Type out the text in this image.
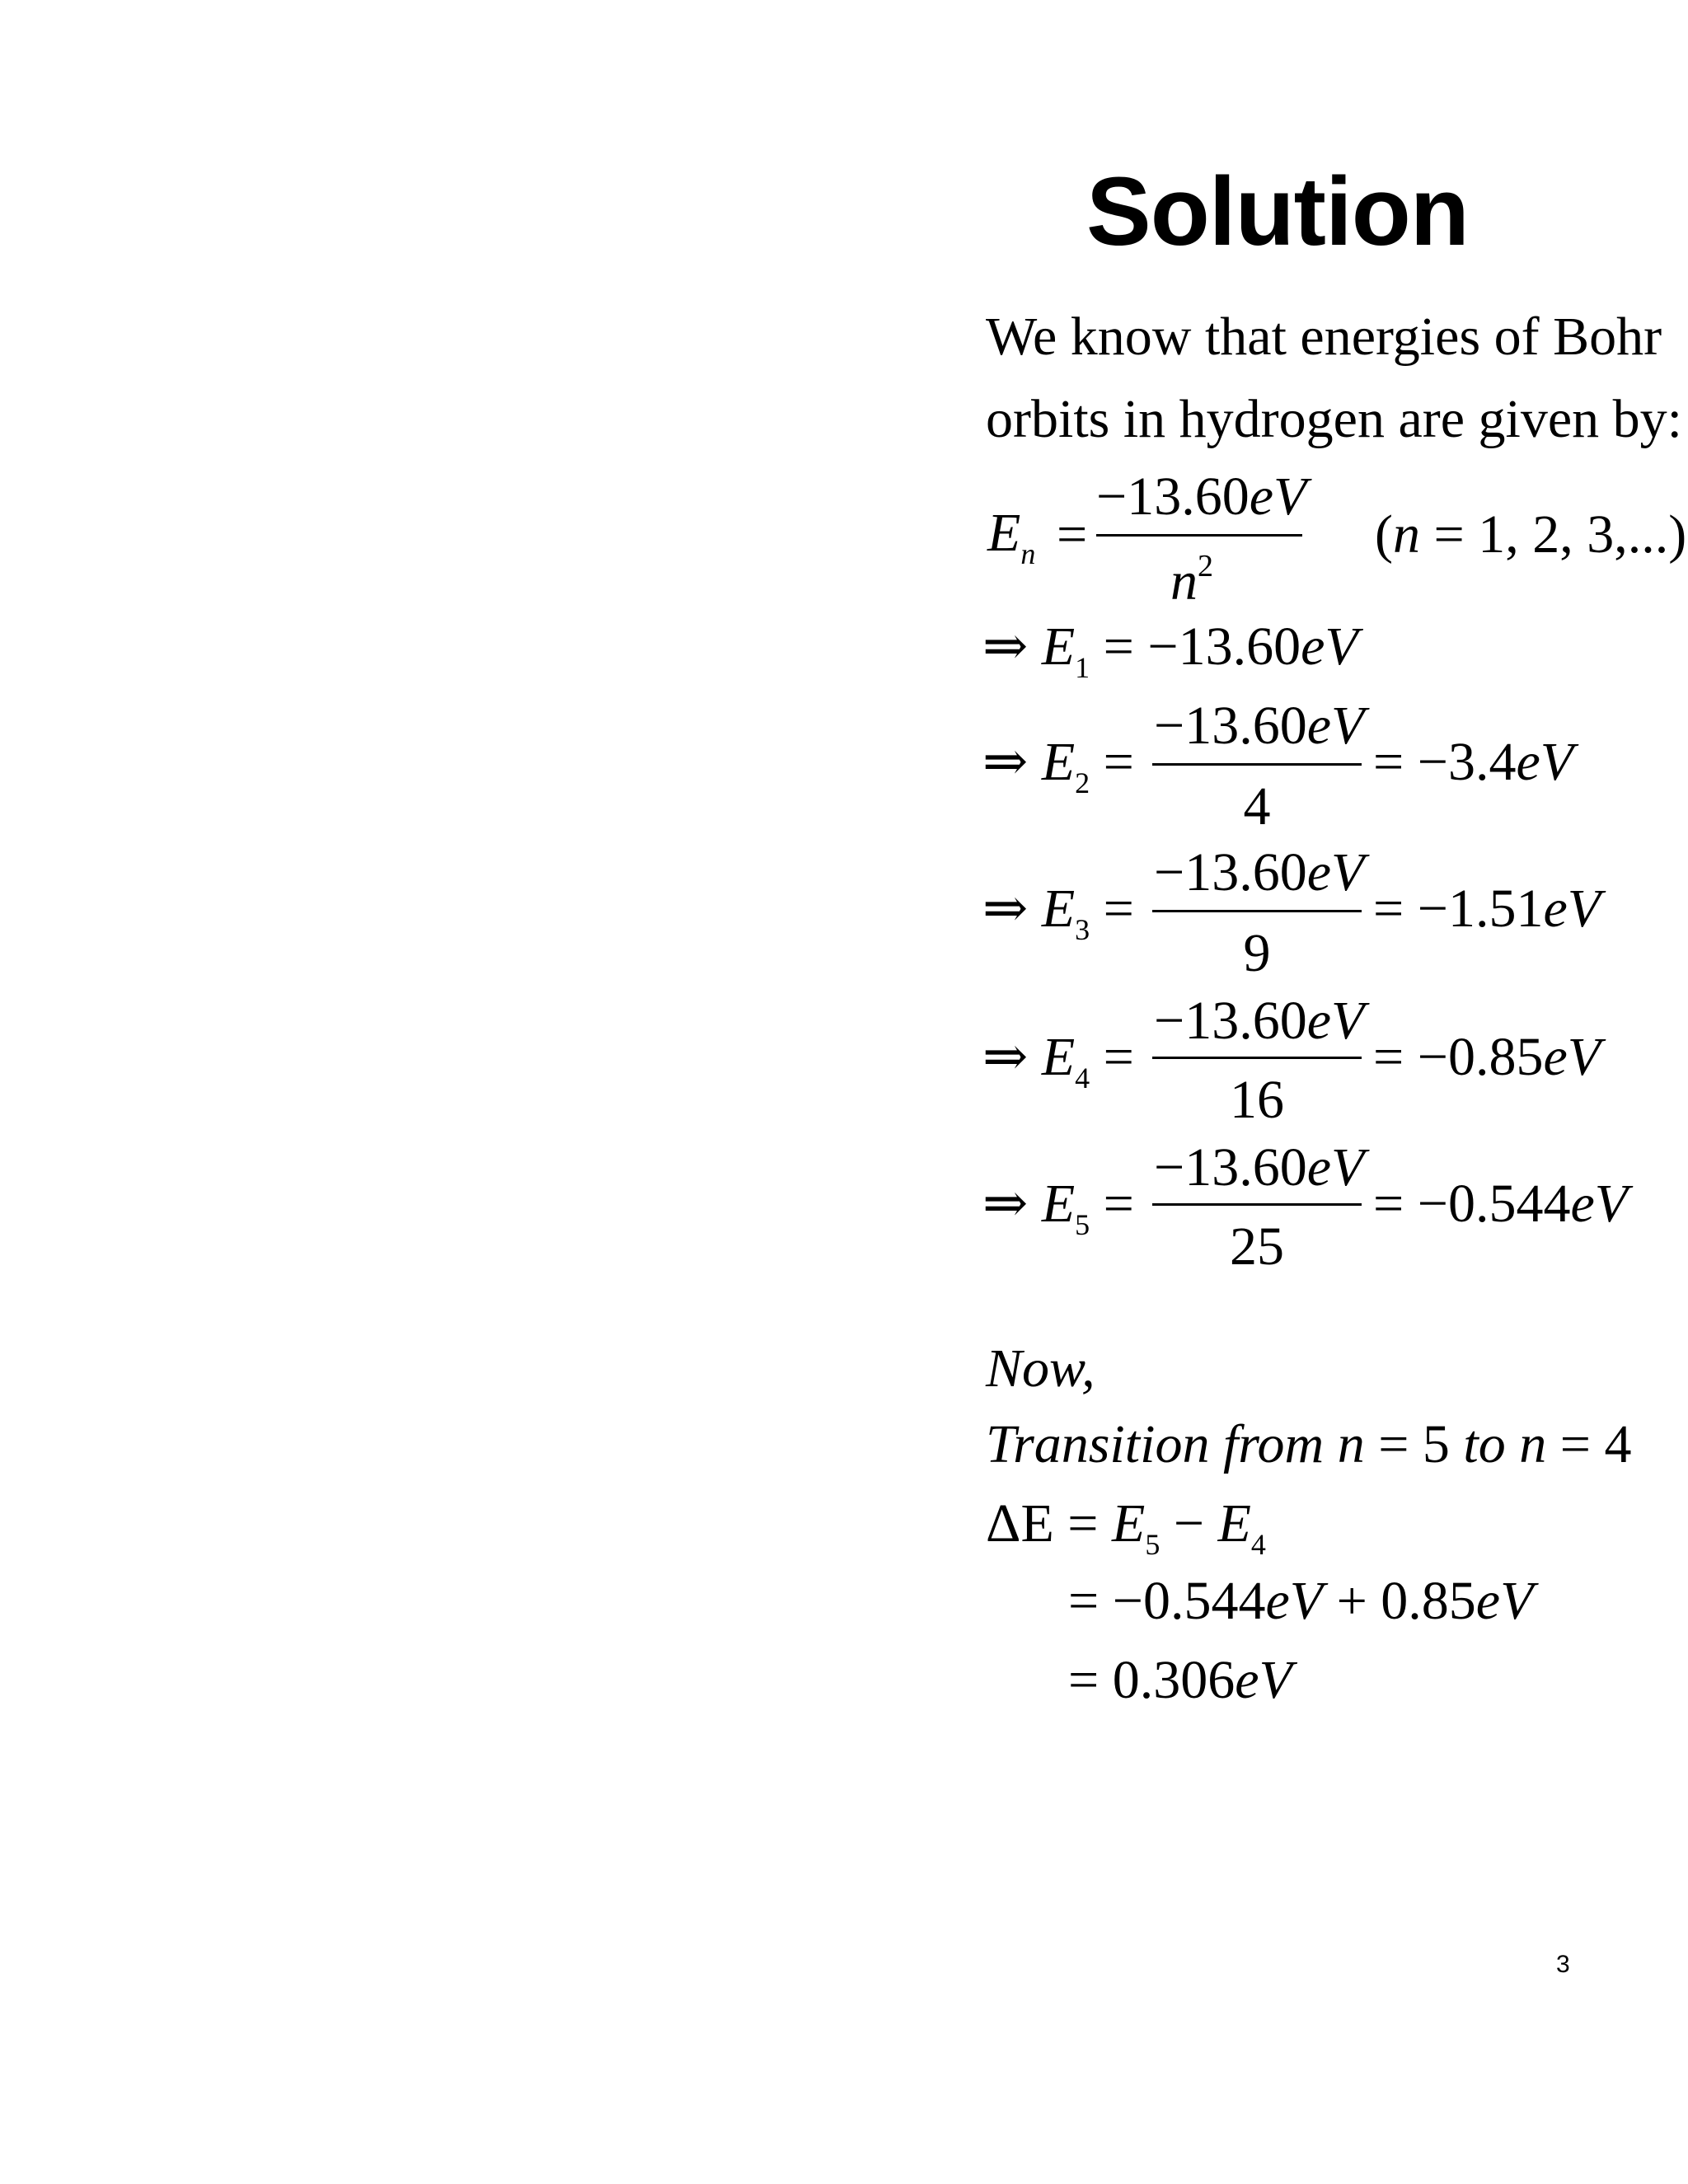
Solution
We know that energies of Bohr
orbits in hydrogen are given by:
$E_n$ =
−13.60eV
$n^2$
(n = 1, 2, 3,...)
⇒ $E_1 = -13.60eV$
⇒ $E_2$ =
−13.60eV
4
= −3.4eV
⇒ $E_3$ =
−13.60eV
9
= −1.51eV
⇒ $E_4$ =
−13.60eV
16
= −0.85eV
⇒ $E_5$ =
−13.60eV
25
= −0.544eV
Now,
Transition from n = 5 to n = 4
$\Delta E = E_5 - E_4$
= −0.544eV + 0.85eV
= 0.306eV
3
